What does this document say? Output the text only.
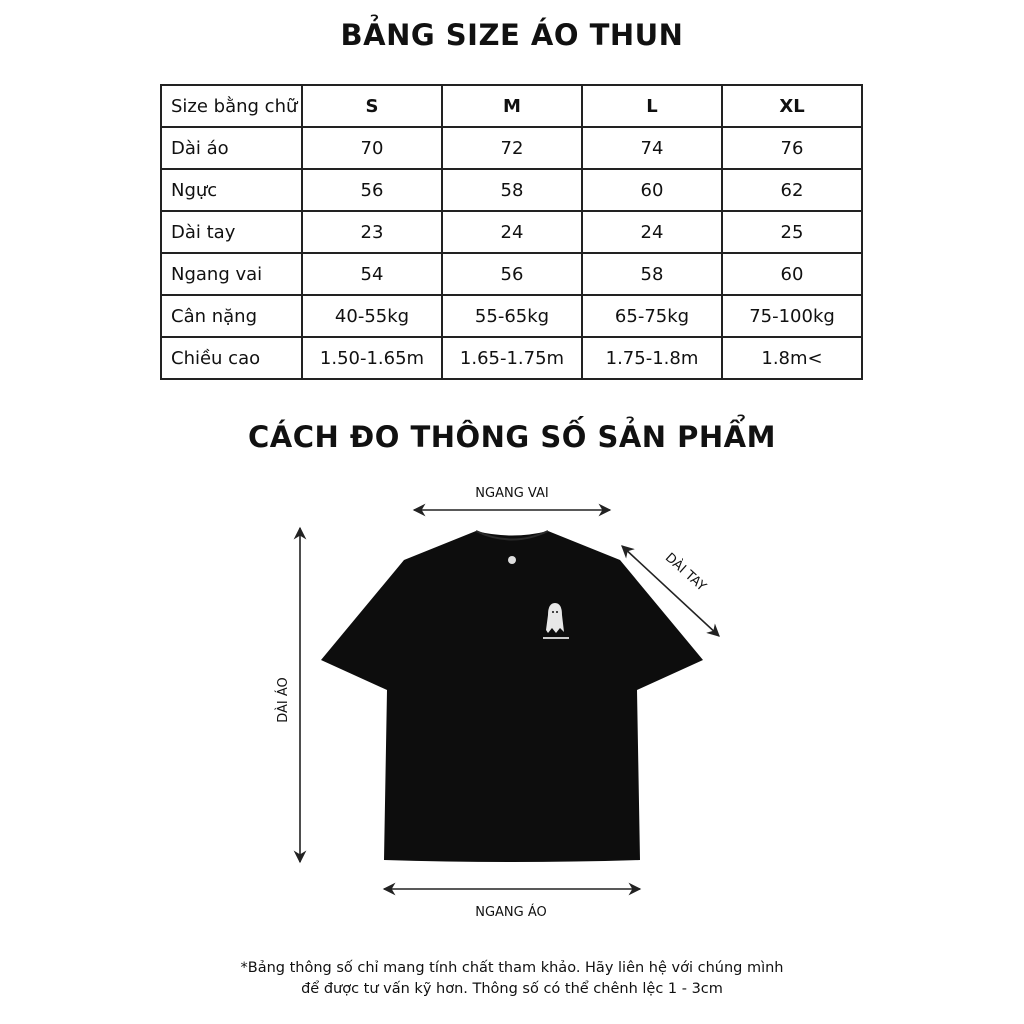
BẢNG SIZE ÁO THUN
Size bằng chữ	S	M	L	XL
Dài áo	70	72	74	76
Ngực	56	58	60	62
Dài tay	23	24	24	25
Ngang vai	54	56	58	60
Cân nặng	40-55kg	55-65kg	65-75kg	75-100kg
Chiều cao	1.50-1.65m	1.65-1.75m	1.75-1.8m	1.8m<
CÁCH ĐO THÔNG SỐ SẢN PHẨM
NGANG VAI
DÀI TAY
DÀI ÁO
NGANG ÁO
*Bảng thông số chỉ mang tính chất tham khảo. Hãy liên hệ với chúng mình
để được tư vấn kỹ hơn. Thông số có thể chênh lệc 1 - 3cm
